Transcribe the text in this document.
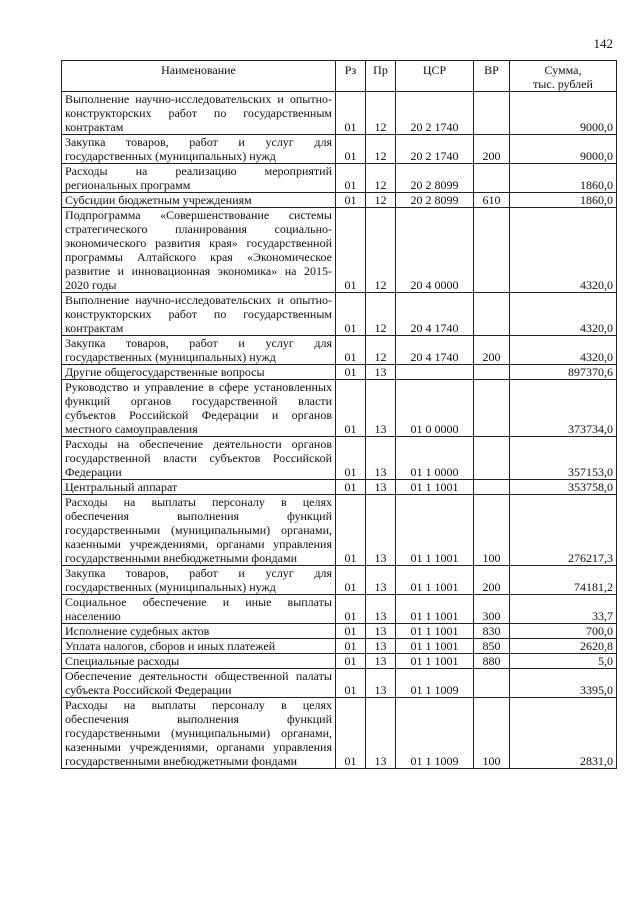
142
Наименование	Рз	Пр	ЦСР	ВР	Сумма,
тыс. рублей

Выполнение научно-исследовательских и опытно-конструкторских работ по государственным контрактам	01	12	20 2 1740		9000,0
Закупка товаров, работ и услуг для государственных (муниципальных) нужд	01	12	20 2 1740	200	9000,0
Расходы на реализацию мероприятий региональных программ	01	12	20 2 8099		1860,0
Субсидии бюджетным учреждениям	01	12	20 2 8099	610	1860,0
Подпрограмма «Совершенствование системы стратегического планирования социально-экономического развития края» государственной программы Алтайского края «Экономическое развитие и инновационная экономика» на 2015-2020 годы	01	12	20 4 0000		4320,0
Выполнение научно-исследовательских и опытно-конструкторских работ по государственным контрактам	01	12	20 4 1740		4320,0
Закупка товаров, работ и услуг для государственных (муниципальных) нужд	01	12	20 4 1740	200	4320,0
Другие общегосударственные вопросы	01	13			897370,6
Руководство и управление в сфере установленных функций органов государственной власти субъектов Российской Федерации и органов местного самоуправления	01	13	01 0 0000		373734,0
Расходы на обеспечение деятельности органов государственной власти субъектов Российской Федерации	01	13	01 1 0000		357153,0
Центральный аппарат	01	13	01 1 1001		353758,0
Расходы на выплаты персоналу в целях обеспечения выполнения функций государственными (муниципальными) органами, казенными учреждениями, органами управления государственными внебюджетными фондами	01	13	01 1 1001	100	276217,3
Закупка товаров, работ и услуг для государственных (муниципальных) нужд	01	13	01 1 1001	200	74181,2
Социальное обеспечение и иные выплаты населению	01	13	01 1 1001	300	33,7
Исполнение судебных актов	01	13	01 1 1001	830	700,0
Уплата налогов, сборов и иных платежей	01	13	01 1 1001	850	2620,8
Специальные расходы	01	13	01 1 1001	880	5,0
Обеспечение деятельности общественной палаты субъекта Российской Федерации	01	13	01 1 1009		3395,0
Расходы на выплаты персоналу в целях обеспечения выполнения функций государственными (муниципальными) органами, казенными учреждениями, органами управления государственными внебюджетными фондами	01	13	01 1 1009	100	2831,0
